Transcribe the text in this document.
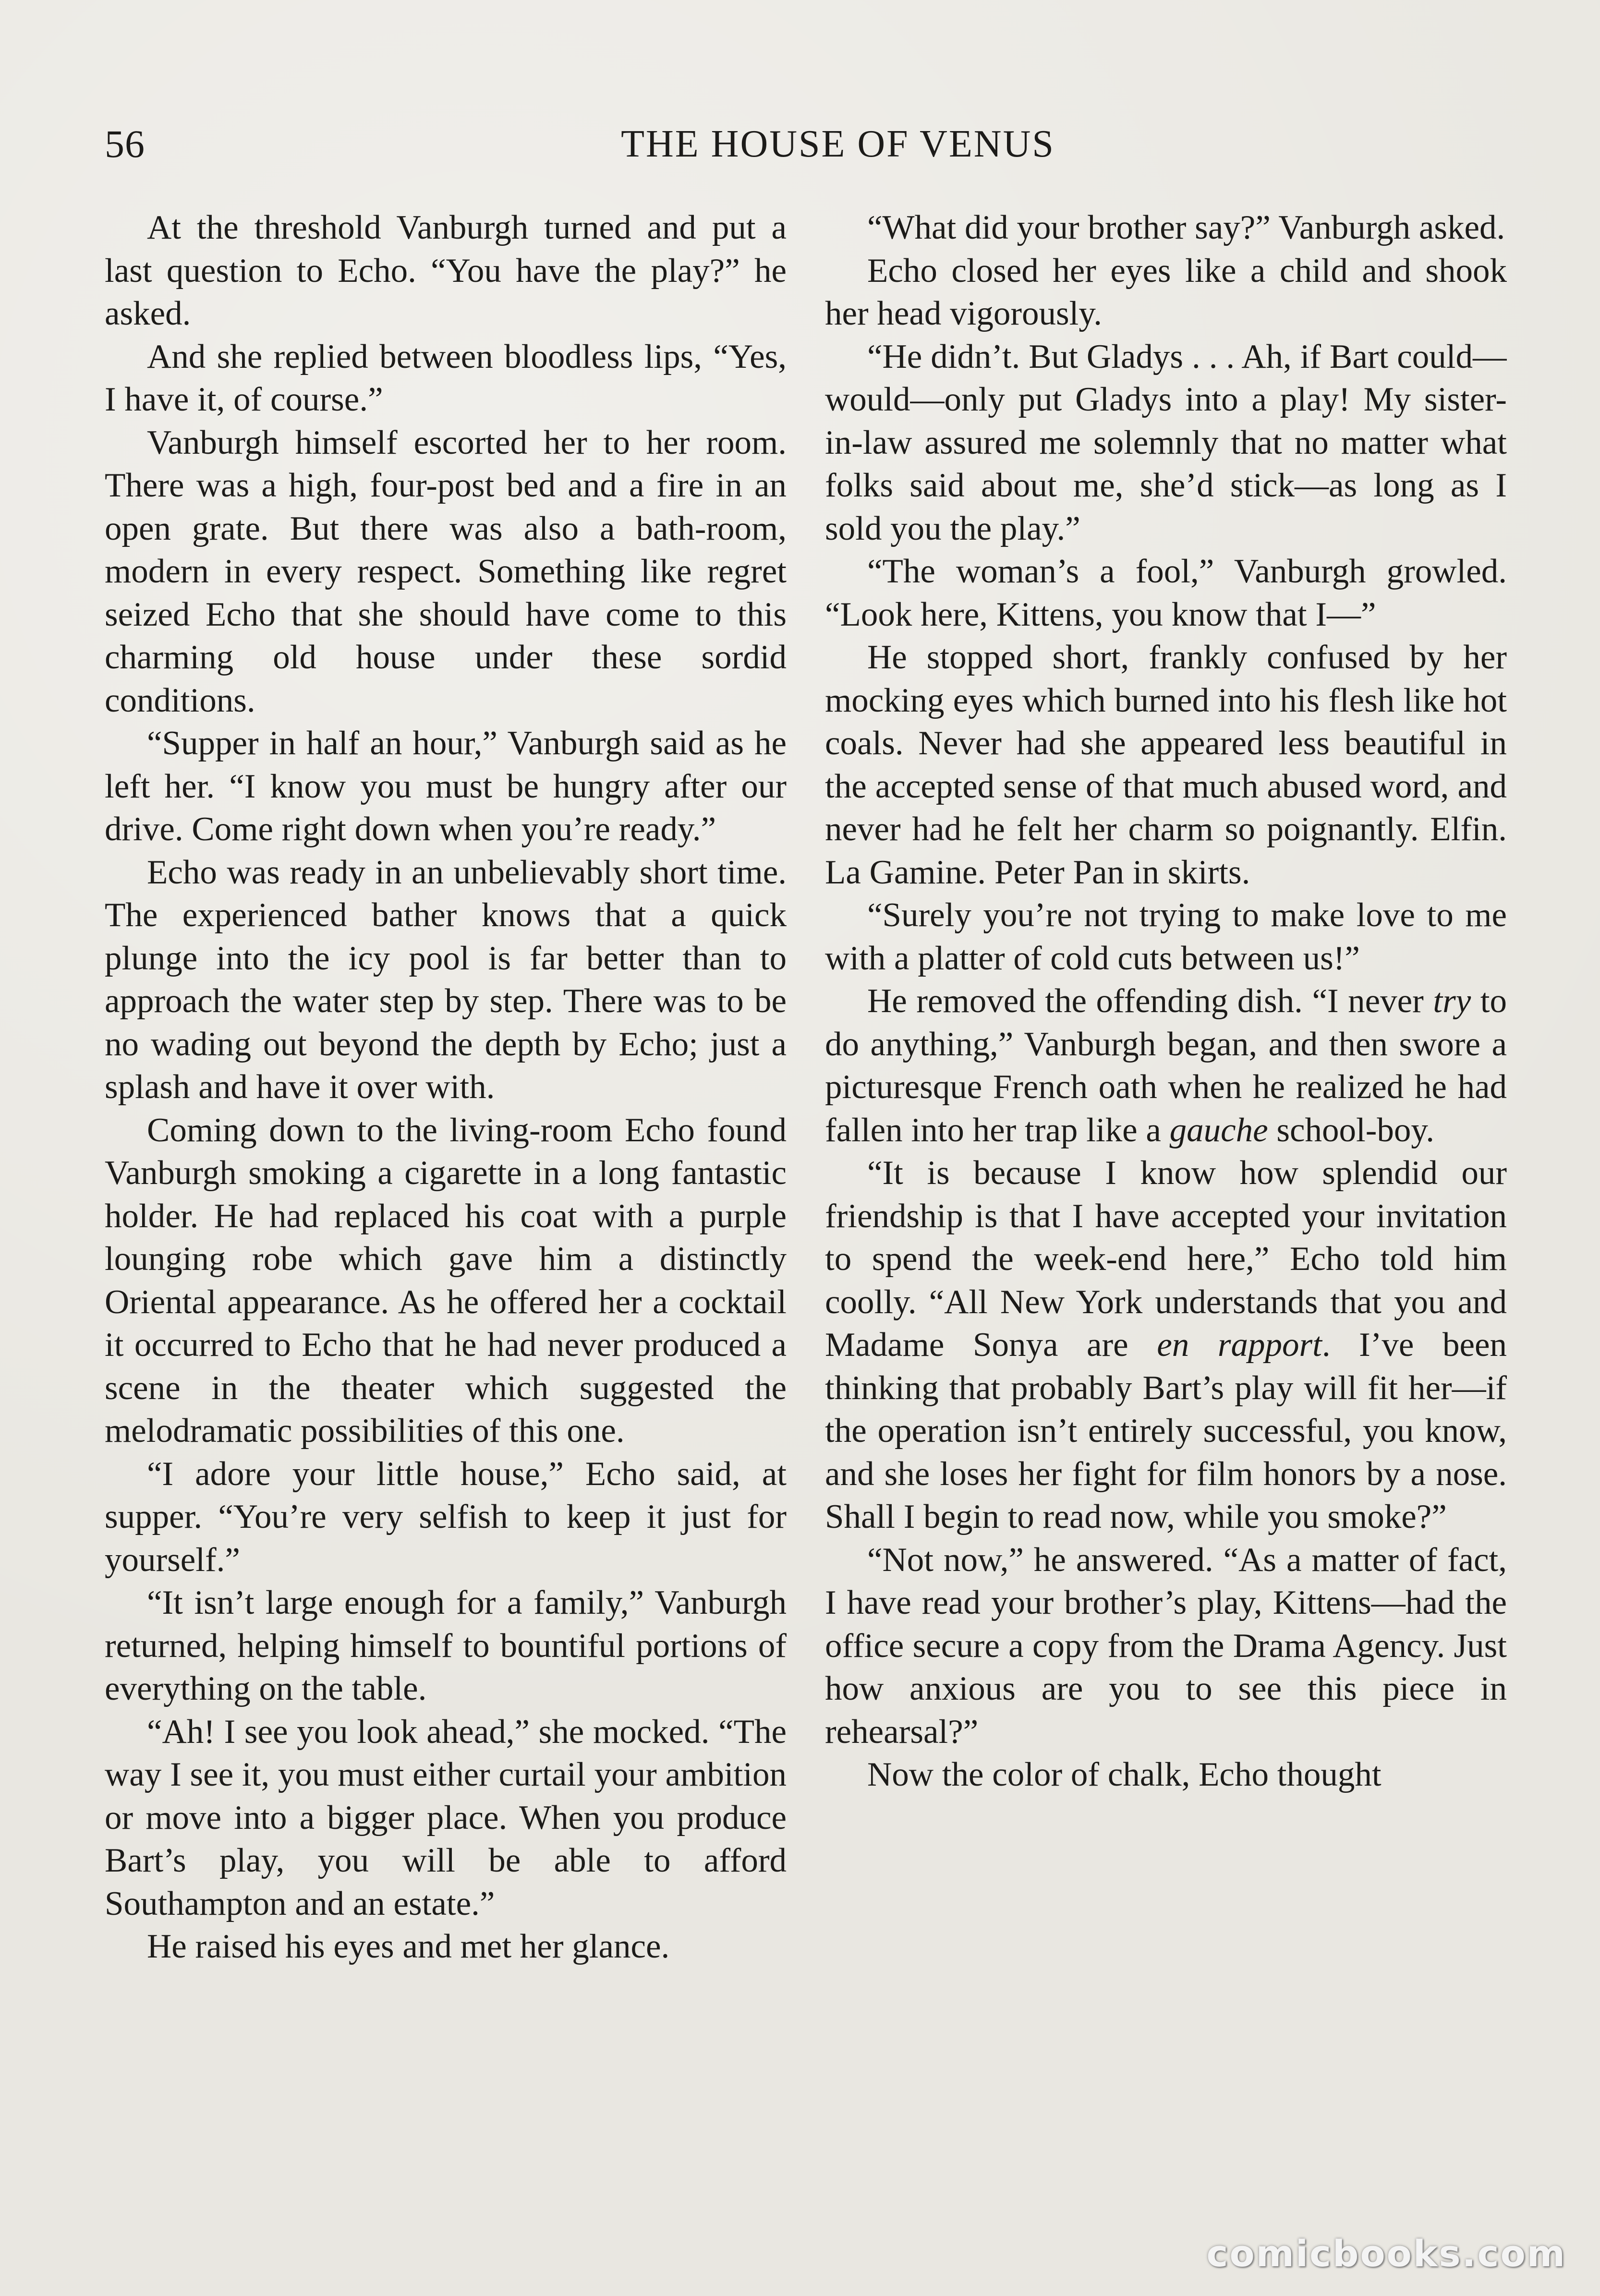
56	THE HOUSE OF VENUS

At the threshold Vanburgh turned and put a last question to Echo. “You have the play?” he asked.

And she replied between bloodless lips, “Yes, I have it, of course.”

Vanburgh himself escorted her to her room. There was a high, four-post bed and a fire in an open grate. But there was also a bath-room, modern in every respect. Something like regret seized Echo that she should have come to this charming old house under these sordid conditions.

“Supper in half an hour,” Vanburgh said as he left her. “I know you must be hungry after our drive. Come right down when you’re ready.”

Echo was ready in an unbelievably short time. The experienced bather knows that a quick plunge into the icy pool is far better than to approach the water step by step. There was to be no wading out beyond the depth by Echo; just a splash and have it over with.

Coming down to the living-room Echo found Vanburgh smoking a cigarette in a long fantastic holder. He had replaced his coat with a purple lounging robe which gave him a distinctly Oriental appearance. As he offered her a cocktail it occurred to Echo that he had never produced a scene in the theater which suggested the melodramatic possibilities of this one.

“I adore your little house,” Echo said, at supper. “You’re very selfish to keep it just for yourself.”

“It isn’t large enough for a family,” Vanburgh returned, helping himself to bountiful portions of everything on the table.

“Ah! I see you look ahead,” she mocked. “The way I see it, you must either curtail your ambition or move into a bigger place. When you produce Bart’s play, you will be able to afford Southampton and an estate.”

He raised his eyes and met her glance.

“What did your brother say?” Vanburgh asked.

Echo closed her eyes like a child and shook her head vigorously.

“He didn’t. But Gladys . . . Ah, if Bart could—would—only put Gladys into a play! My sister-in-law assured me solemnly that no matter what folks said about me, she’d stick—as long as I sold you the play.”

“The woman’s a fool,” Vanburgh growled. “Look here, Kittens, you know that I—”

He stopped short, frankly confused by her mocking eyes which burned into his flesh like hot coals. Never had she appeared less beautiful in the accepted sense of that much abused word, and never had he felt her charm so poignantly. Elfin. La Gamine. Peter Pan in skirts.

“Surely you’re not trying to make love to me with a platter of cold cuts between us!”

He removed the offending dish. “I never try to do anything,” Vanburgh began, and then swore a picturesque French oath when he realized he had fallen into her trap like a gauche school-boy.

“It is because I know how splendid our friendship is that I have accepted your invitation to spend the week-end here,” Echo told him coolly. “All New York understands that you and Madame Sonya are en rapport. I’ve been thinking that probably Bart’s play will fit her—if the operation isn’t entirely successful, you know, and she loses her fight for film honors by a nose. Shall I begin to read now, while you smoke?”

“Not now,” he answered. “As a matter of fact, I have read your brother’s play, Kittens—had the office secure a copy from the Drama Agency. Just how anxious are you to see this piece in rehearsal?”

Now the color of chalk, Echo thought

comicbooks.com
